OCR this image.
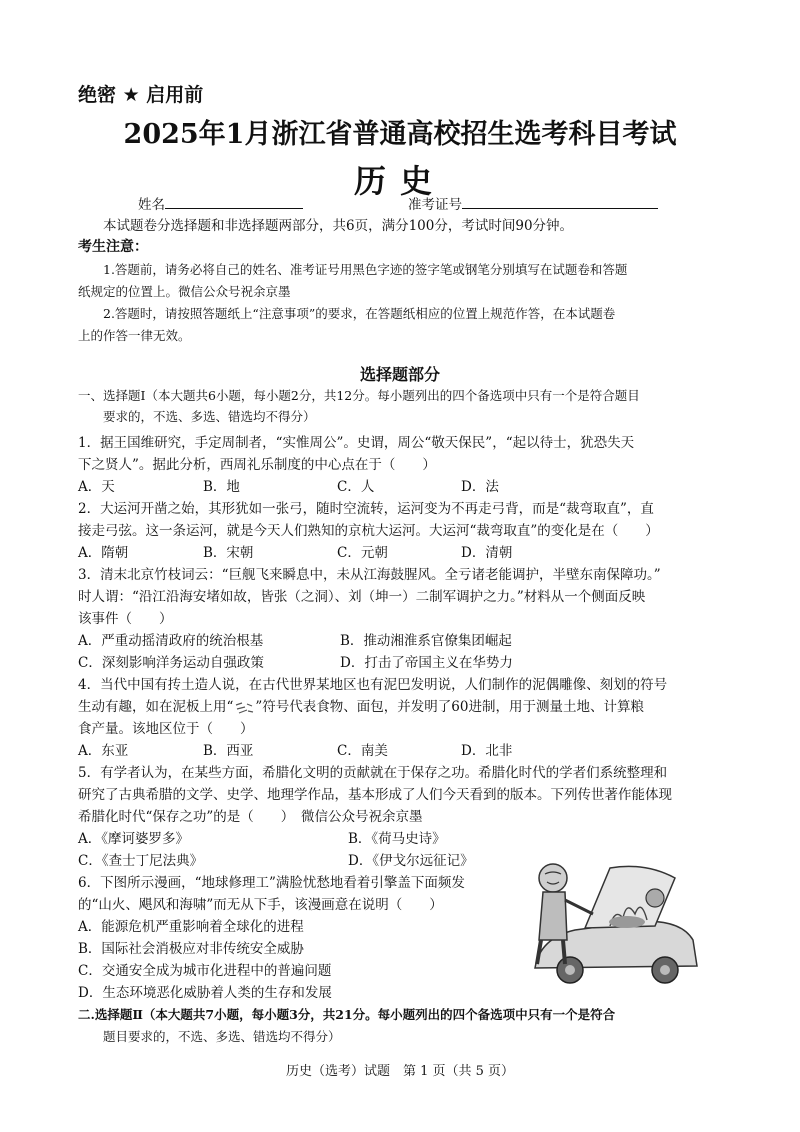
绝密 ★ 启用前
2025年1月浙江省普通高校招生选考科目考试
历史
姓名	准考证号
本试题卷分选择题和非选择题两部分，共6页，满分100分，考试时间90分钟。
考生注意：
1.答题前，请务必将自己的姓名、准考证号用黑色字迹的签字笔或钢笔分别填写在试题卷和答题
纸规定的位置上。微信公众号祝余京墨
2.答题时，请按照答题纸上“注意事项”的要求，在答题纸相应的位置上规范作答，在本试题卷
上的作答一律无效。
选择题部分
一、选择题Ⅰ（本大题共6小题，每小题2分，共12分。每小题列出的四个备选项中只有一个是符合题目
要求的，不选、多选、错选均不得分）
1．据王国维研究，手定周制者，“实惟周公”。史谓，周公“敬天保民”，“起以待士，犹恐失天
下之贤人”。据此分析，西周礼乐制度的中心点在于（　　）
A．天	B．地	C．人	D．法
2．大运河开凿之始，其形犹如一张弓，随时空流转，运河变为不再走弓背，而是“裁弯取直”，直
接走弓弦。这一条运河，就是今天人们熟知的京杭大运河。大运河“裁弯取直”的变化是在（　　）
A．隋朝	B．宋朝	C．元朝	D．清朝
3．清末北京竹枝词云：“巨舰飞来瞬息中，未从江海鼓腥风。全亏诸老能调护，半壁东南保障功。”
时人谓：“沿江沿海安堵如故，皆张（之洞）、刘（坤一）二制军调护之力。”材料从一个侧面反映
该事件（　　）
A．严重动摇清政府的统治根基	B．推动湘淮系官僚集团崛起
C．深刻影响洋务运动自强政策	D．打击了帝国主义在华势力
4．当代中国有抟土造人说，在古代世界某地区也有泥巴发明说，人们制作的泥偶雕像、刻划的符号
生动有趣，如在泥板上用“ ”符号代表食物、面包，并发明了60进制，用于测量土地、计算粮
食产量。该地区位于（　　）
A．东亚	B．西亚	C．南美	D．北非
5．有学者认为，在某些方面，希腊化文明的贡献就在于保存之功。希腊化时代的学者们系统整理和
研究了古典希腊的文学、史学、地理学作品，基本形成了人们今天看到的版本。下列传世著作能体现
希腊化时代“保存之功”的是（　　）　微信公众号祝余京墨
A．《摩诃婆罗多》	B．《荷马史诗》
C．《查士丁尼法典》	D．《伊戈尔远征记》
6．下图所示漫画，“地球修理工”满脸忧愁地看着引擎盖下面频发
的“山火、飓风和海啸”而无从下手，该漫画意在说明（　　）
A．能源危机严重影响着全球化的进程
B．国际社会消极应对非传统安全威胁
C．交通安全成为城市化进程中的普遍问题
D．生态环境恶化威胁着人类的生存和发展
二.选择题Ⅱ（本大题共7小题，每小题3分，共21分。每小题列出的四个备选项中只有一个是符合
题目要求的，不选、多选、错选均不得分）
历史（选考）试题　第 1 页（共 5 页）
